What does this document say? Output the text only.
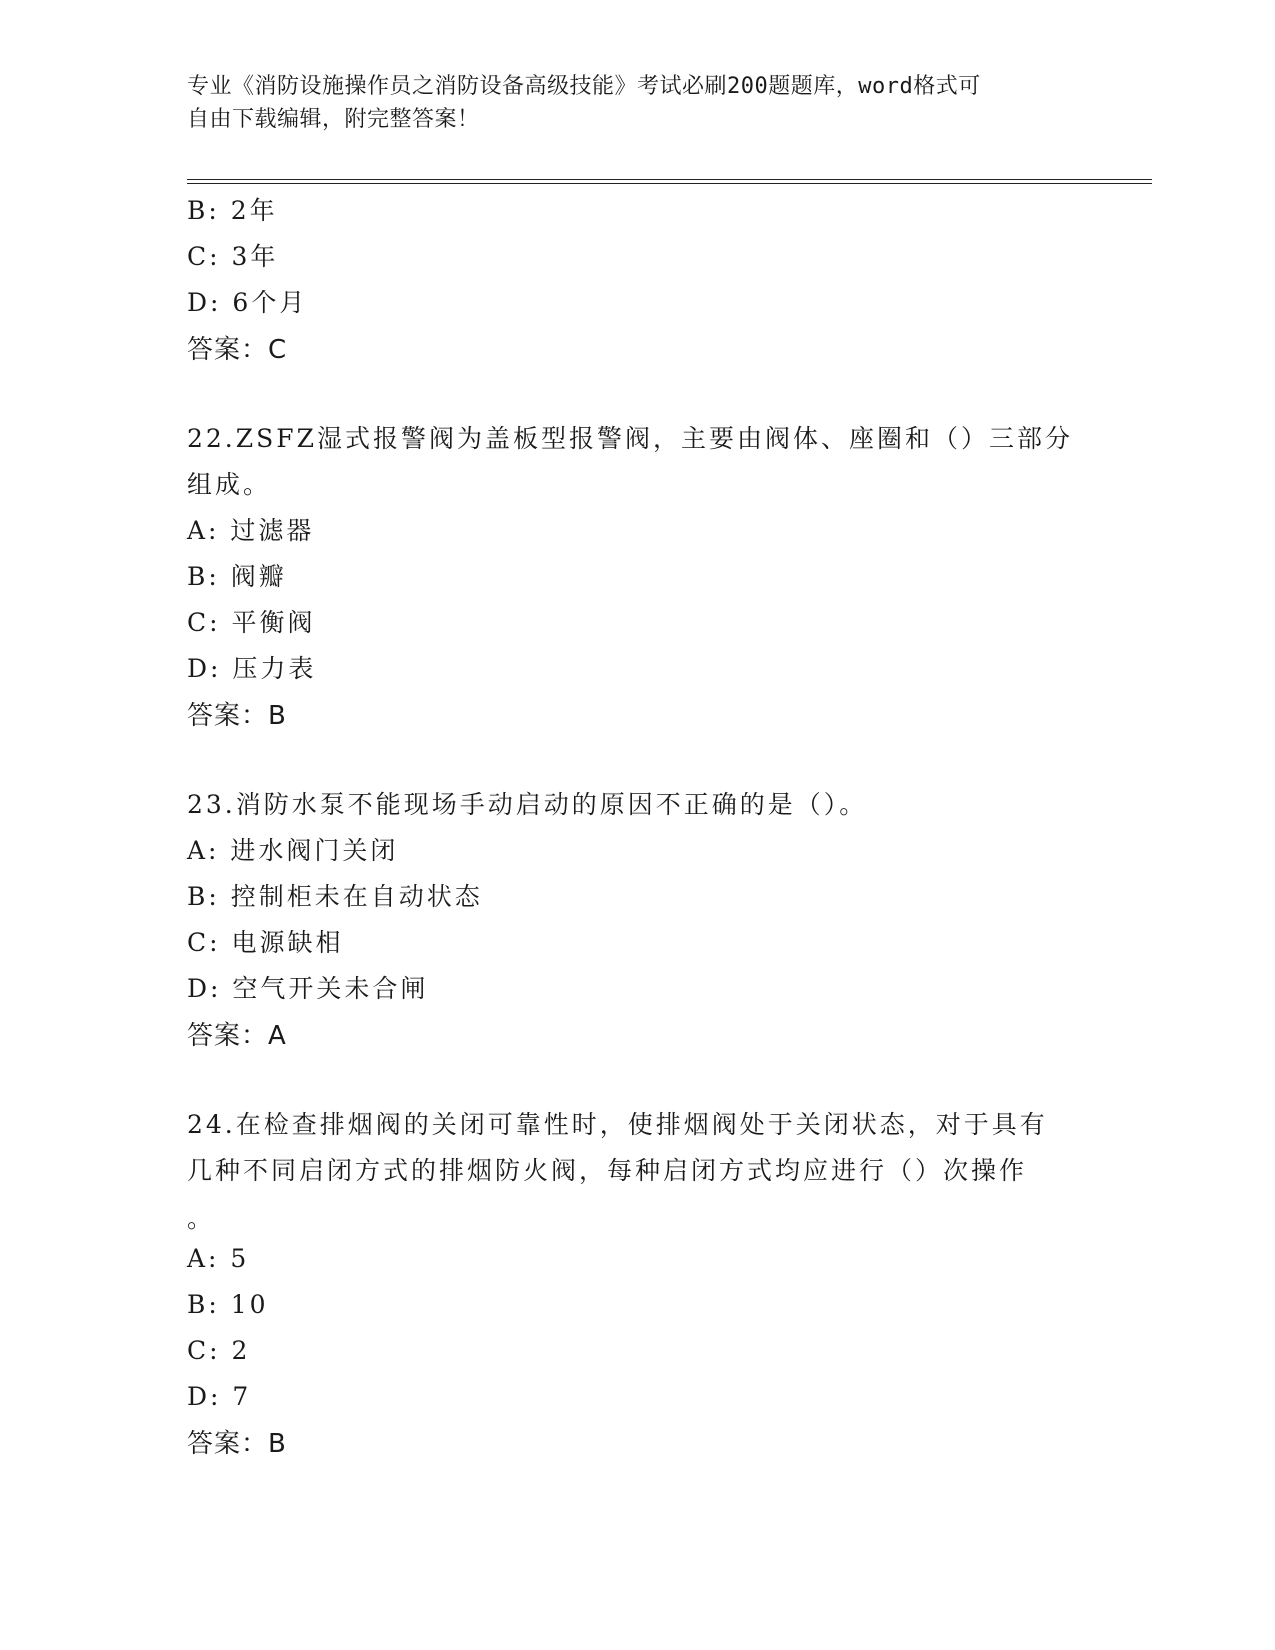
专业《消防设施操作员之消防设备高级技能》考试必刷200题题库，word格式可
自由下载编辑，附完整答案！
B: 2年
C: 3年
D: 6个月
答案：C
22.ZSFZ湿式报警阀为盖板型报警阀，主要由阀体、座圈和（）三部分
组成。
A: 过滤器
B: 阀瓣
C: 平衡阀
D: 压力表
答案：B
23.消防水泵不能现场手动启动的原因不正确的是（）。
A: 进水阀门关闭
B: 控制柜未在自动状态
C: 电源缺相
D: 空气开关未合闸
答案：A
24.在检查排烟阀的关闭可靠性时，使排烟阀处于关闭状态，对于具有
几种不同启闭方式的排烟防火阀，每种启闭方式均应进行（）次操作
。
A: 5
B: 10
C: 2
D: 7
答案：B
